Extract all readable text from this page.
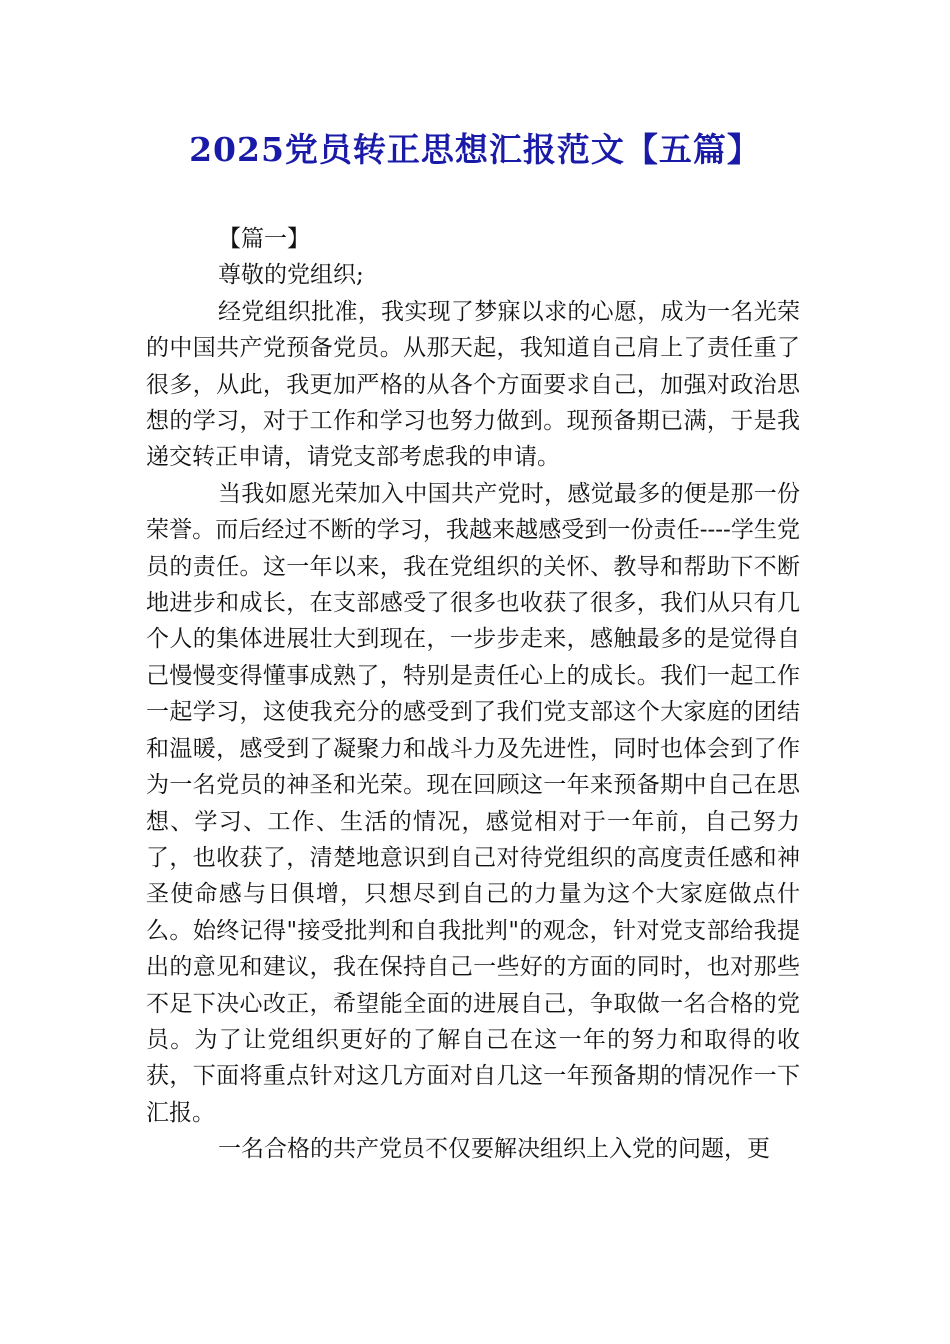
2025党员转正思想汇报范文【五篇】

【篇一】

尊敬的党组织;

经党组织批准，我实现了梦寐以求的心愿，成为一名光荣的中国共产党预备党员。从那天起，我知道自己肩上了责任重了很多，从此，我更加严格的从各个方面要求自己，加强对政治思想的学习，对于工作和学习也努力做到。现预备期已满，于是我递交转正申请，请党支部考虑我的申请。

当我如愿光荣加入中国共产党时，感觉最多的便是那一份荣誉。而后经过不断的学习，我越来越感受到一份责任----学生党员的责任。这一年以来，我在党组织的关怀、教导和帮助下不断地进步和成长，在支部感受了很多也收获了很多，我们从只有几个人的集体进展壮大到现在，一步步走来，感触最多的是觉得自己慢慢变得懂事成熟了，特别是责任心上的成长。我们一起工作一起学习，这使我充分的感受到了我们党支部这个大家庭的团结和温暖，感受到了凝聚力和战斗力及先进性，同时也体会到了作为一名党员的神圣和光荣。现在回顾这一年来预备期中自己在思想、学习、工作、生活的情况，感觉相对于一年前，自己努力了，也收获了，清楚地意识到自己对待党组织的高度责任感和神圣使命感与日俱增，只想尽到自己的力量为这个大家庭做点什么。始终记得"接受批判和自我批判"的观念，针对党支部给我提出的意见和建议，我在保持自己一些好的方面的同时，也对那些不足下决心改正，希望能全面的进展自己，争取做一名合格的党员。为了让党组织更好的了解自己在这一年的努力和取得的收获，下面将重点针对这几方面对自几这一年预备期的情况作一下汇报。

一名合格的共产党员不仅要解决组织上入党的问题，更
